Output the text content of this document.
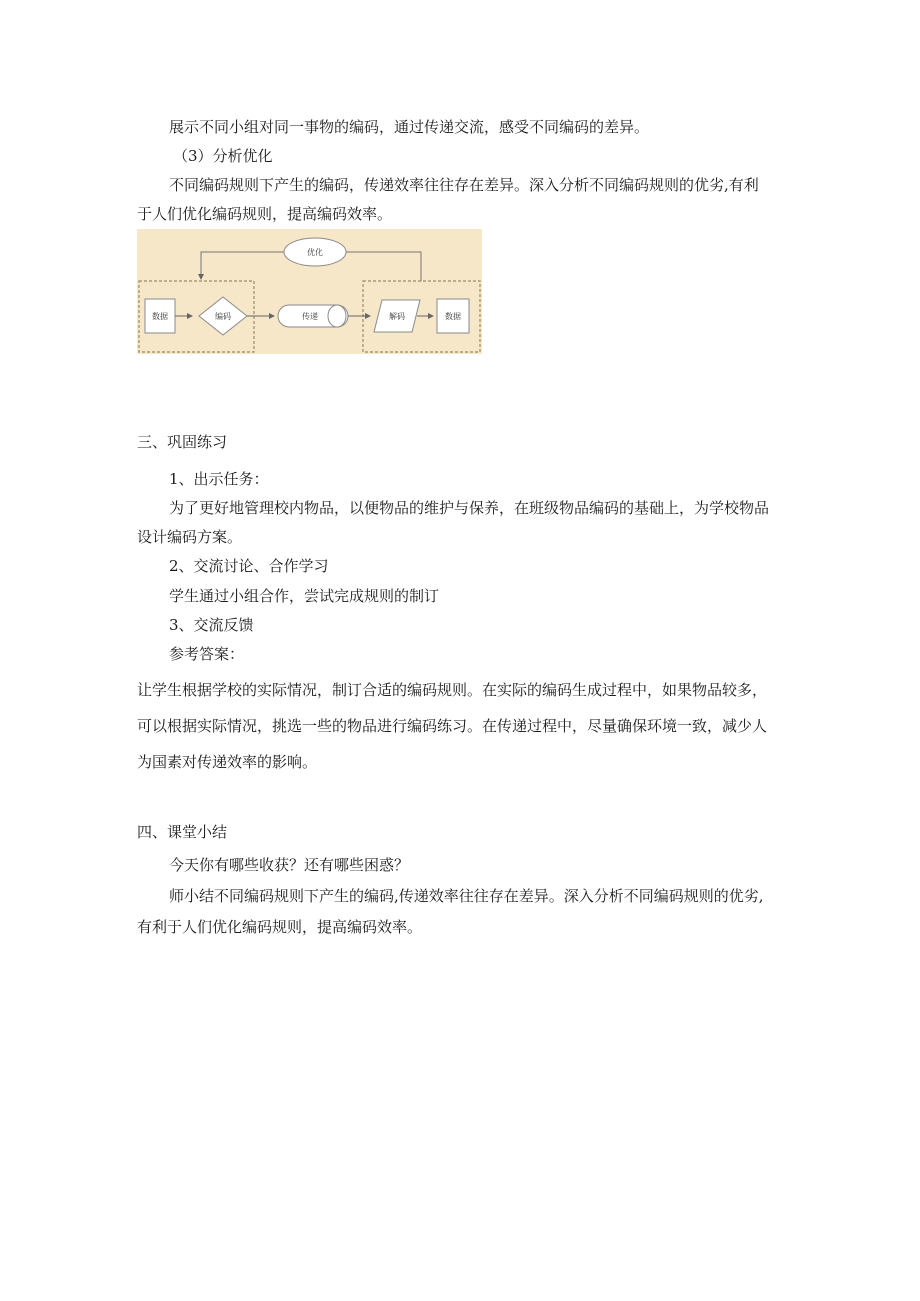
展示不同小组对同一事物的编码，通过传递交流，感受不同编码的差异。
（3）分析优化
不同编码规则下产生的编码，传递效率往往存在差异。深入分析不同编码规则的优劣,有利
于人们优化编码规则，提高编码效率。
优化
数据	编码	传递	解码	数据
三、巩固练习
1、出示任务：
为了更好地管理校内物品，以便物品的维护与保养，在班级物品编码的基础上，为学校物品
设计编码方案。
2、交流讨论、合作学习
学生通过小组合作，尝试完成规则的制订
3、交流反馈
参考答案：
让学生根据学校的实际情况，制订合适的编码规则。在实际的编码生成过程中，如果物品较多，
可以根据实际情况，挑选一些的物品进行编码练习。在传递过程中，尽量确保环境一致，减少人
为国素对传递效率的影响。
四、课堂小结
今天你有哪些收获？还有哪些困惑？
师小结不同编码规则下产生的编码,传递效率往往存在差异。深入分析不同编码规则的优劣,
有利于人们优化编码规则，提高编码效率。
